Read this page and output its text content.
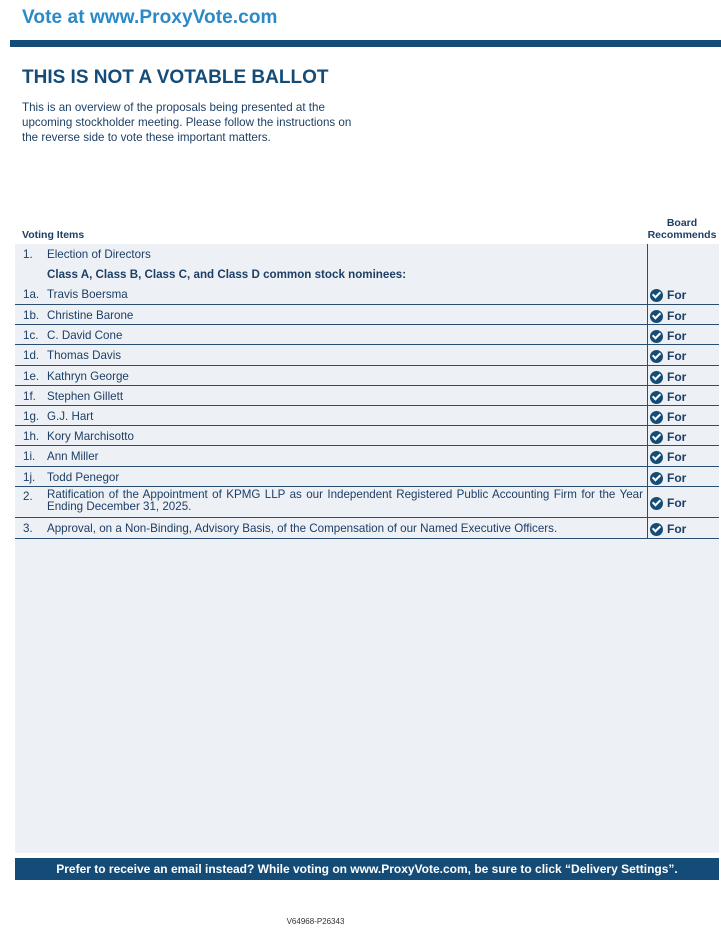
Vote at www.ProxyVote.com
THIS IS NOT A VOTABLE BALLOT
This is an overview of the proposals being presented at the upcoming stockholder meeting. Please follow the instructions on the reverse side to vote these important matters.
Voting Items
Board
Recommends
1. Election of Directors
Class A, Class B, Class C, and Class D common stock nominees:
1a. Travis Boersma	For
1b. Christine Barone	For
1c. C. David Cone	For
1d. Thomas Davis	For
1e. Kathryn George	For
1f. Stephen Gillett	For
1g. G.J. Hart	For
1h. Kory Marchisotto	For
1i. Ann Miller	For
1j. Todd Penegor	For
2. Ratification of the Appointment of KPMG LLP as our Independent Registered Public Accounting Firm for the Year Ending December 31, 2025.	For
3. Approval, on a Non-Binding, Advisory Basis, of the Compensation of our Named Executive Officers.	For
Prefer to receive an email instead? While voting on www.ProxyVote.com, be sure to click “Delivery Settings”.
V64968-P26343
